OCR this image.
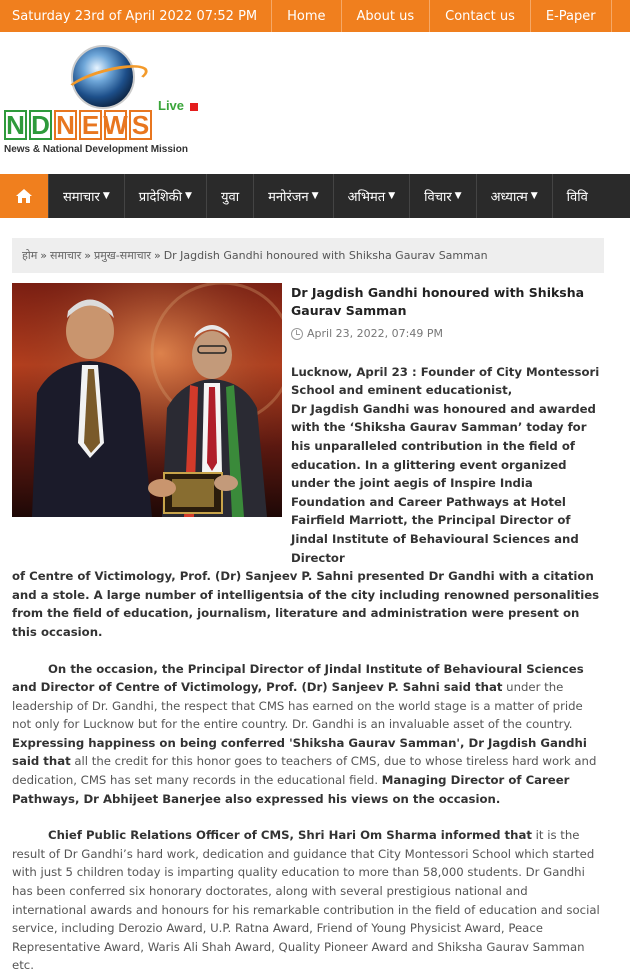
Saturday 23rd of April 2022 07:52 PM	Home	About us	Contact us	E-Paper
Live
N D N E W S
News & National Development Mission
समाचार ▼ प्रादेशिकी ▼ युवा मनोरंजन ▼ अभिमत ▼ विचार ▼ अध्यात्म ▼ विवि
होम » समाचार » प्रमुख-समाचार » Dr Jagdish Gandhi honoured with Shiksha Gaurav Samman
Dr Jagdish Gandhi honoured with Shiksha Gaurav Samman
April 23, 2022, 07:49 PM
Lucknow, April 23 : Founder of City Montessori School and eminent educationist,
Dr Jagdish Gandhi was honoured and awarded with the ‘Shiksha Gaurav Samman’ today for his unparalleled contribution in the field of education. In a glittering event organized under the joint aegis of Inspire India Foundation and Career Pathways at Hotel Fairfield Marriott, the Principal Director of Jindal Institute of Behavioural Sciences and Director
of Centre of Victimology, Prof. (Dr) Sanjeev P. Sahni presented Dr Gandhi with a citation and a stole. A large number of intelligentsia of the city including renowned personalities from the field of education, journalism, literature and administration were present on this occasion.
On the occasion, the Principal Director of Jindal Institute of Behavioural Sciences and Director of Centre of Victimology, Prof. (Dr) Sanjeev P. Sahni said that under the leadership of Dr. Gandhi, the respect that CMS has earned on the world stage is a matter of pride not only for Lucknow but for the entire country. Dr. Gandhi is an invaluable asset of the country. Expressing happiness on being conferred 'Shiksha Gaurav Samman', Dr Jagdish Gandhi said that all the credit for this honor goes to teachers of CMS, due to whose tireless hard work and dedication, CMS has set many records in the educational field. Managing Director of Career Pathways, Dr Abhijeet Banerjee also expressed his views on the occasion.
Chief Public Relations Officer of CMS, Shri Hari Om Sharma informed that it is the result of Dr Gandhi’s hard work, dedication and guidance that City Montessori School which started with just 5 children today is imparting quality education to more than 58,000 students. Dr Gandhi has been conferred six honorary doctorates, along with several prestigious national and international awards and honours for his remarkable contribution in the field of education and social service, including Derozio Award, U.P. Ratna Award, Friend of Young Physicist Award, Peace Representative Award, Waris Ali Shah Award, Quality Pioneer Award and Shiksha Gaurav Samman etc.
